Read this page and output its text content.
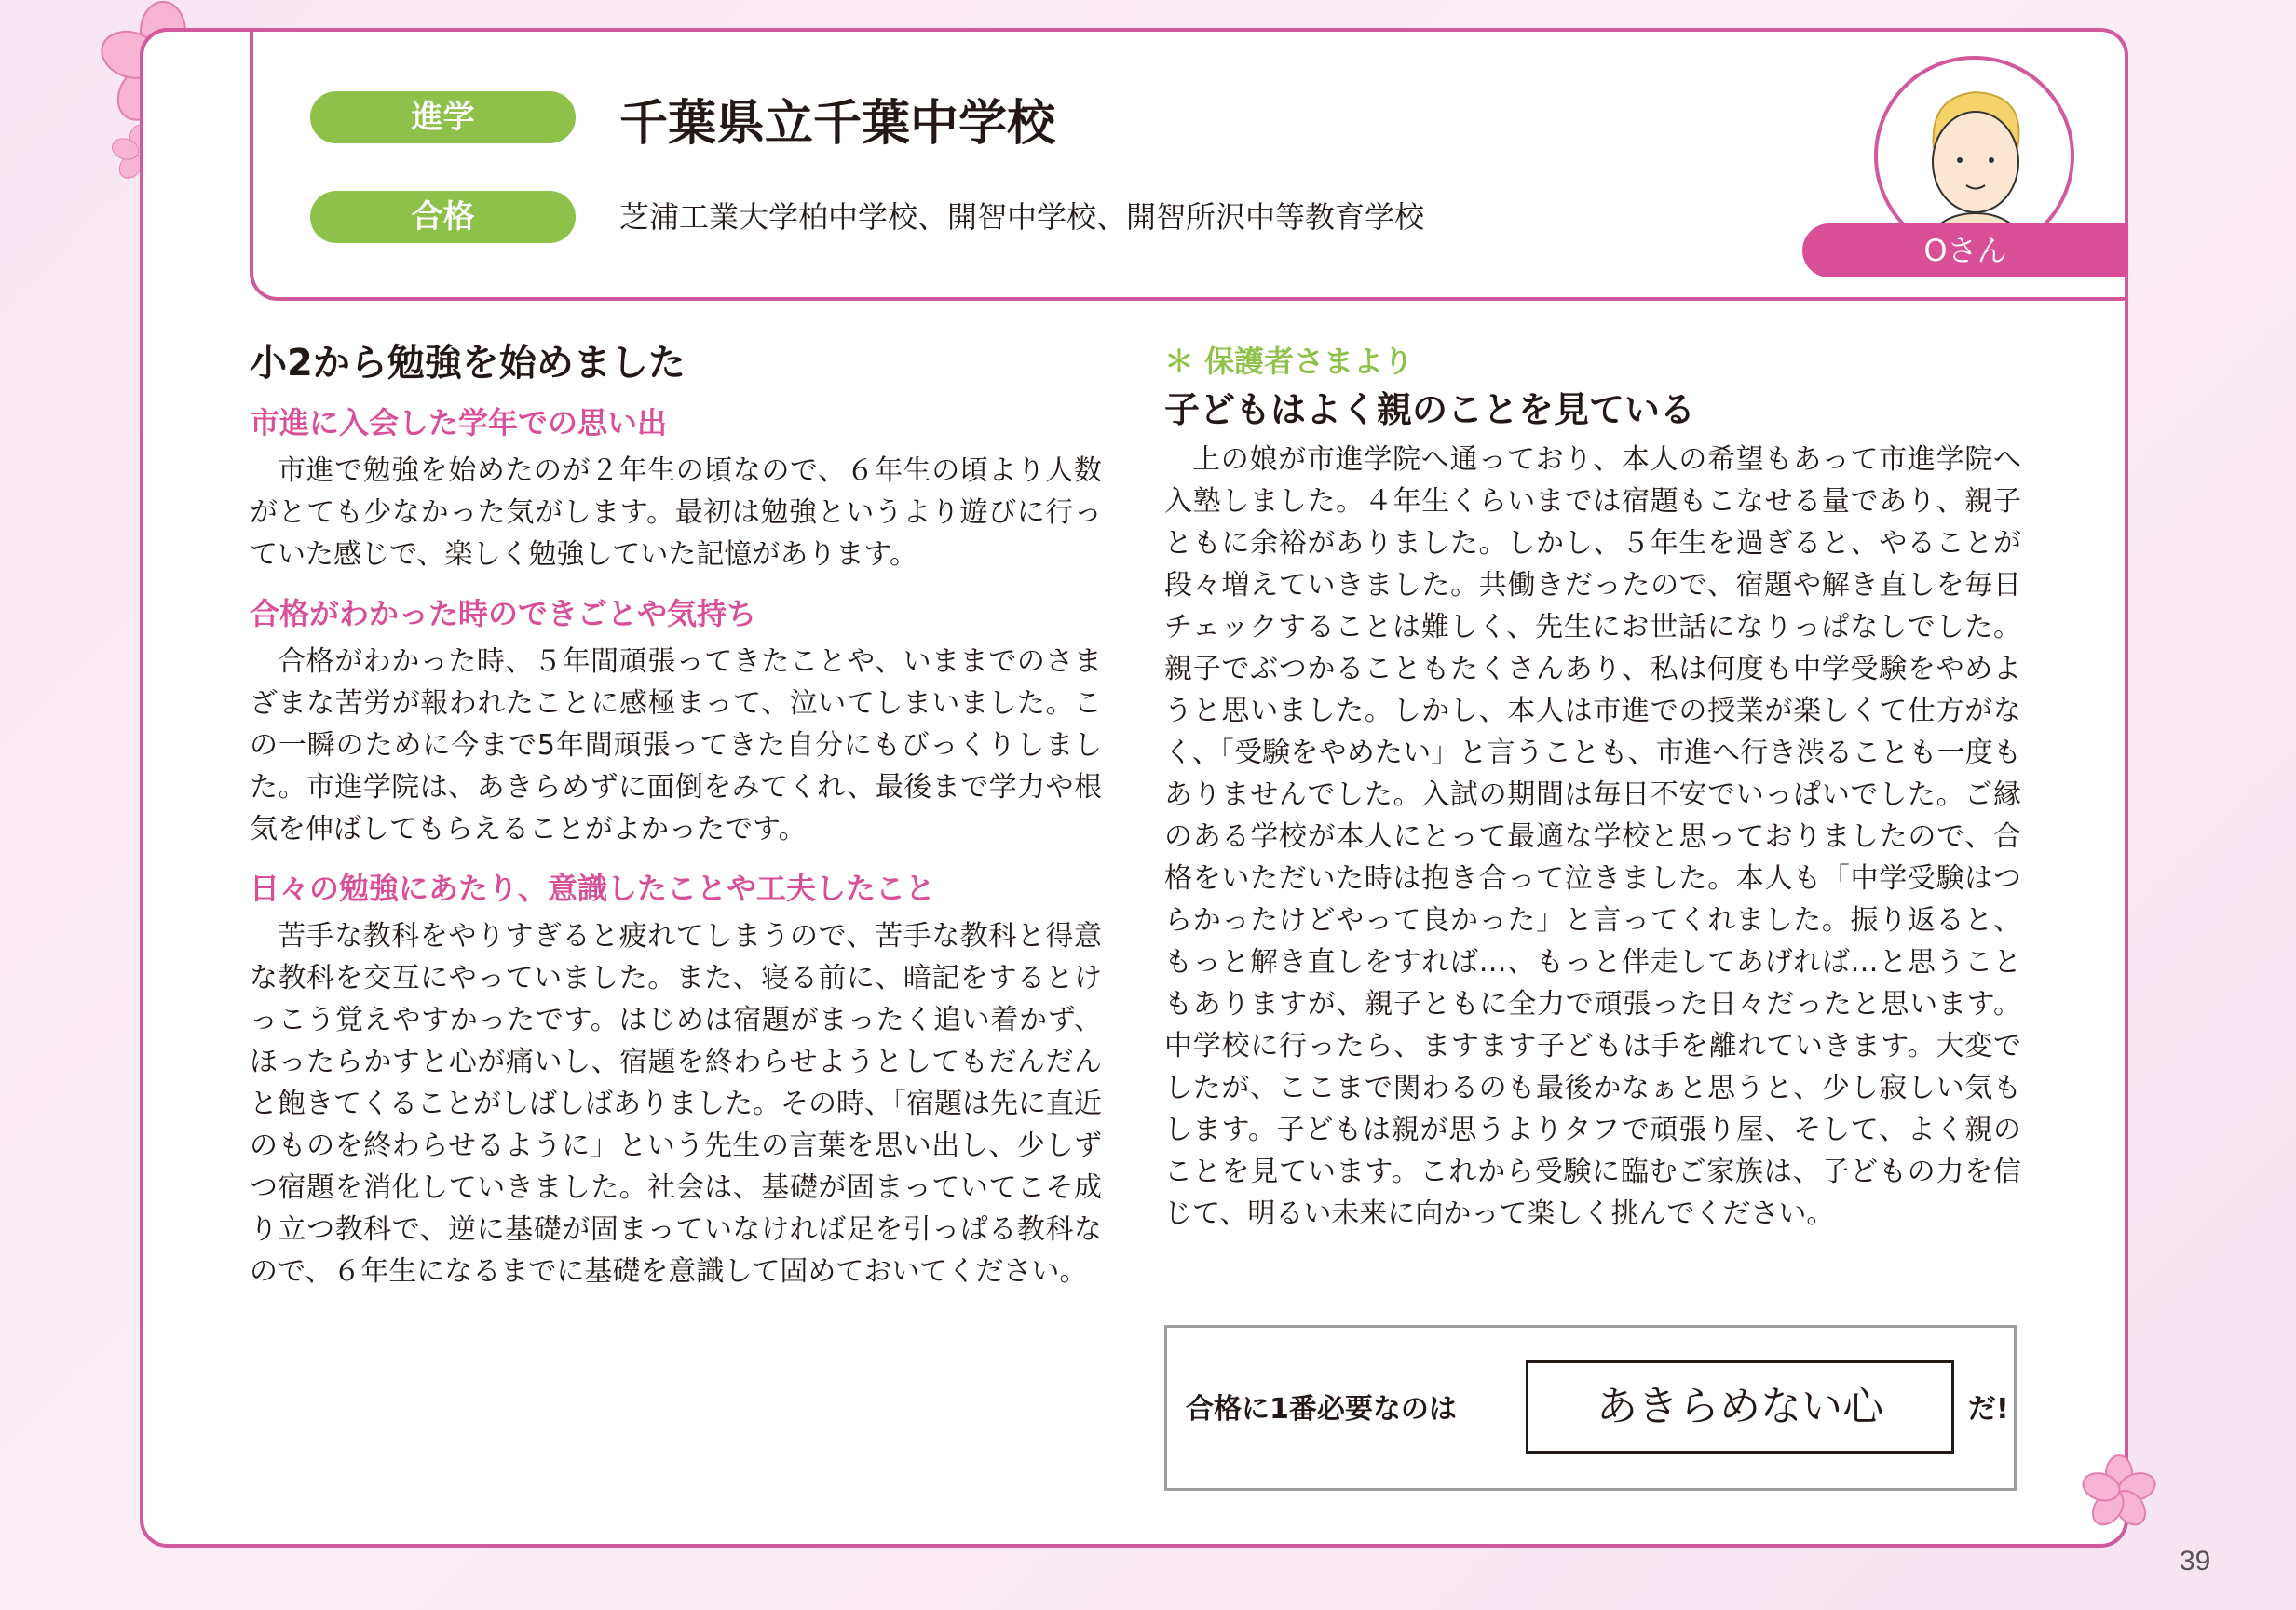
進学	千葉県立千葉中学校
合格	芝浦工業大学柏中学校、開智中学校、開智所沢中等教育学校
Oさん
小2から勉強を始めました
市進に入会した学年での思い出

市進で勉強を始めたのが２年生の頃なので、６年生の頃より人数がとても少なかった気がします。最初は勉強というより遊びに行っていた感じで、楽しく勉強していた記憶があります。

合格がわかった時のできごとや気持ち

合格がわかった時、５年間頑張ってきたことや、いままでのさまざまな苦労が報われたことに感極まって、泣いてしまいました。この一瞬のために今まで5年間頑張ってきた自分にもびっくりしました。市進学院は、あきらめずに面倒をみてくれ、最後まで学力や根気を伸ばしてもらえることがよかったです。

日々の勉強にあたり、意識したことや工夫したこと

苦手な教科をやりすぎると疲れてしまうので、苦手な教科と得意な教科を交互にやっていました。また、寝る前に、暗記をするとけっこう覚えやすかったです。はじめは宿題がまったく追い着かず、ほったらかすと心が痛いし、宿題を終わらせようとしてもだんだんと飽きてくることがしばしばありました。その時、「宿題は先に直近のものを終わらせるように」という先生の言葉を思い出し、少しずつ宿題を消化していきました。社会は、基礎が固まっていてこそ成り立つ教科で、逆に基礎が固まっていなければ足を引っぱる教科なので、６年生になるまでに基礎を意識して固めておいてください。

＊ 保護者さまより
子どもはよく親のことを見ている

上の娘が市進学院へ通っており、本人の希望もあって市進学院へ入塾しました。４年生くらいまでは宿題もこなせる量であり、親子ともに余裕がありました。しかし、５年生を過ぎると、やることが段々増えていきました。共働きだったので、宿題や解き直しを毎日チェックすることは難しく、先生にお世話になりっぱなしでした。親子でぶつかることもたくさんあり、私は何度も中学受験をやめようと思いました。しかし、本人は市進での授業が楽しくて仕方がなく、「受験をやめたい」と言うことも、市進へ行き渋ることも一度もありませんでした。入試の期間は毎日不安でいっぱいでした。ご縁のある学校が本人にとって最適な学校と思っておりましたので、合格をいただいた時は抱き合って泣きました。本人も「中学受験はつらかったけどやって良かった」と言ってくれました。振り返ると、もっと解き直しをすれば…、もっと伴走してあげれば…と思うこともありますが、親子ともに全力で頑張った日々だったと思います。中学校に行ったら、ますます子どもは手を離れていきます。大変でしたが、ここまで関わるのも最後かなぁと思うと、少し寂しい気もします。子どもは親が思うよりタフで頑張り屋、そして、よく親のことを見ています。これから受験に臨むご家族は、子どもの力を信じて、明るい未来に向かって楽しく挑んでください。

合格に1番必要なのは	あきらめない心	だ!
39
